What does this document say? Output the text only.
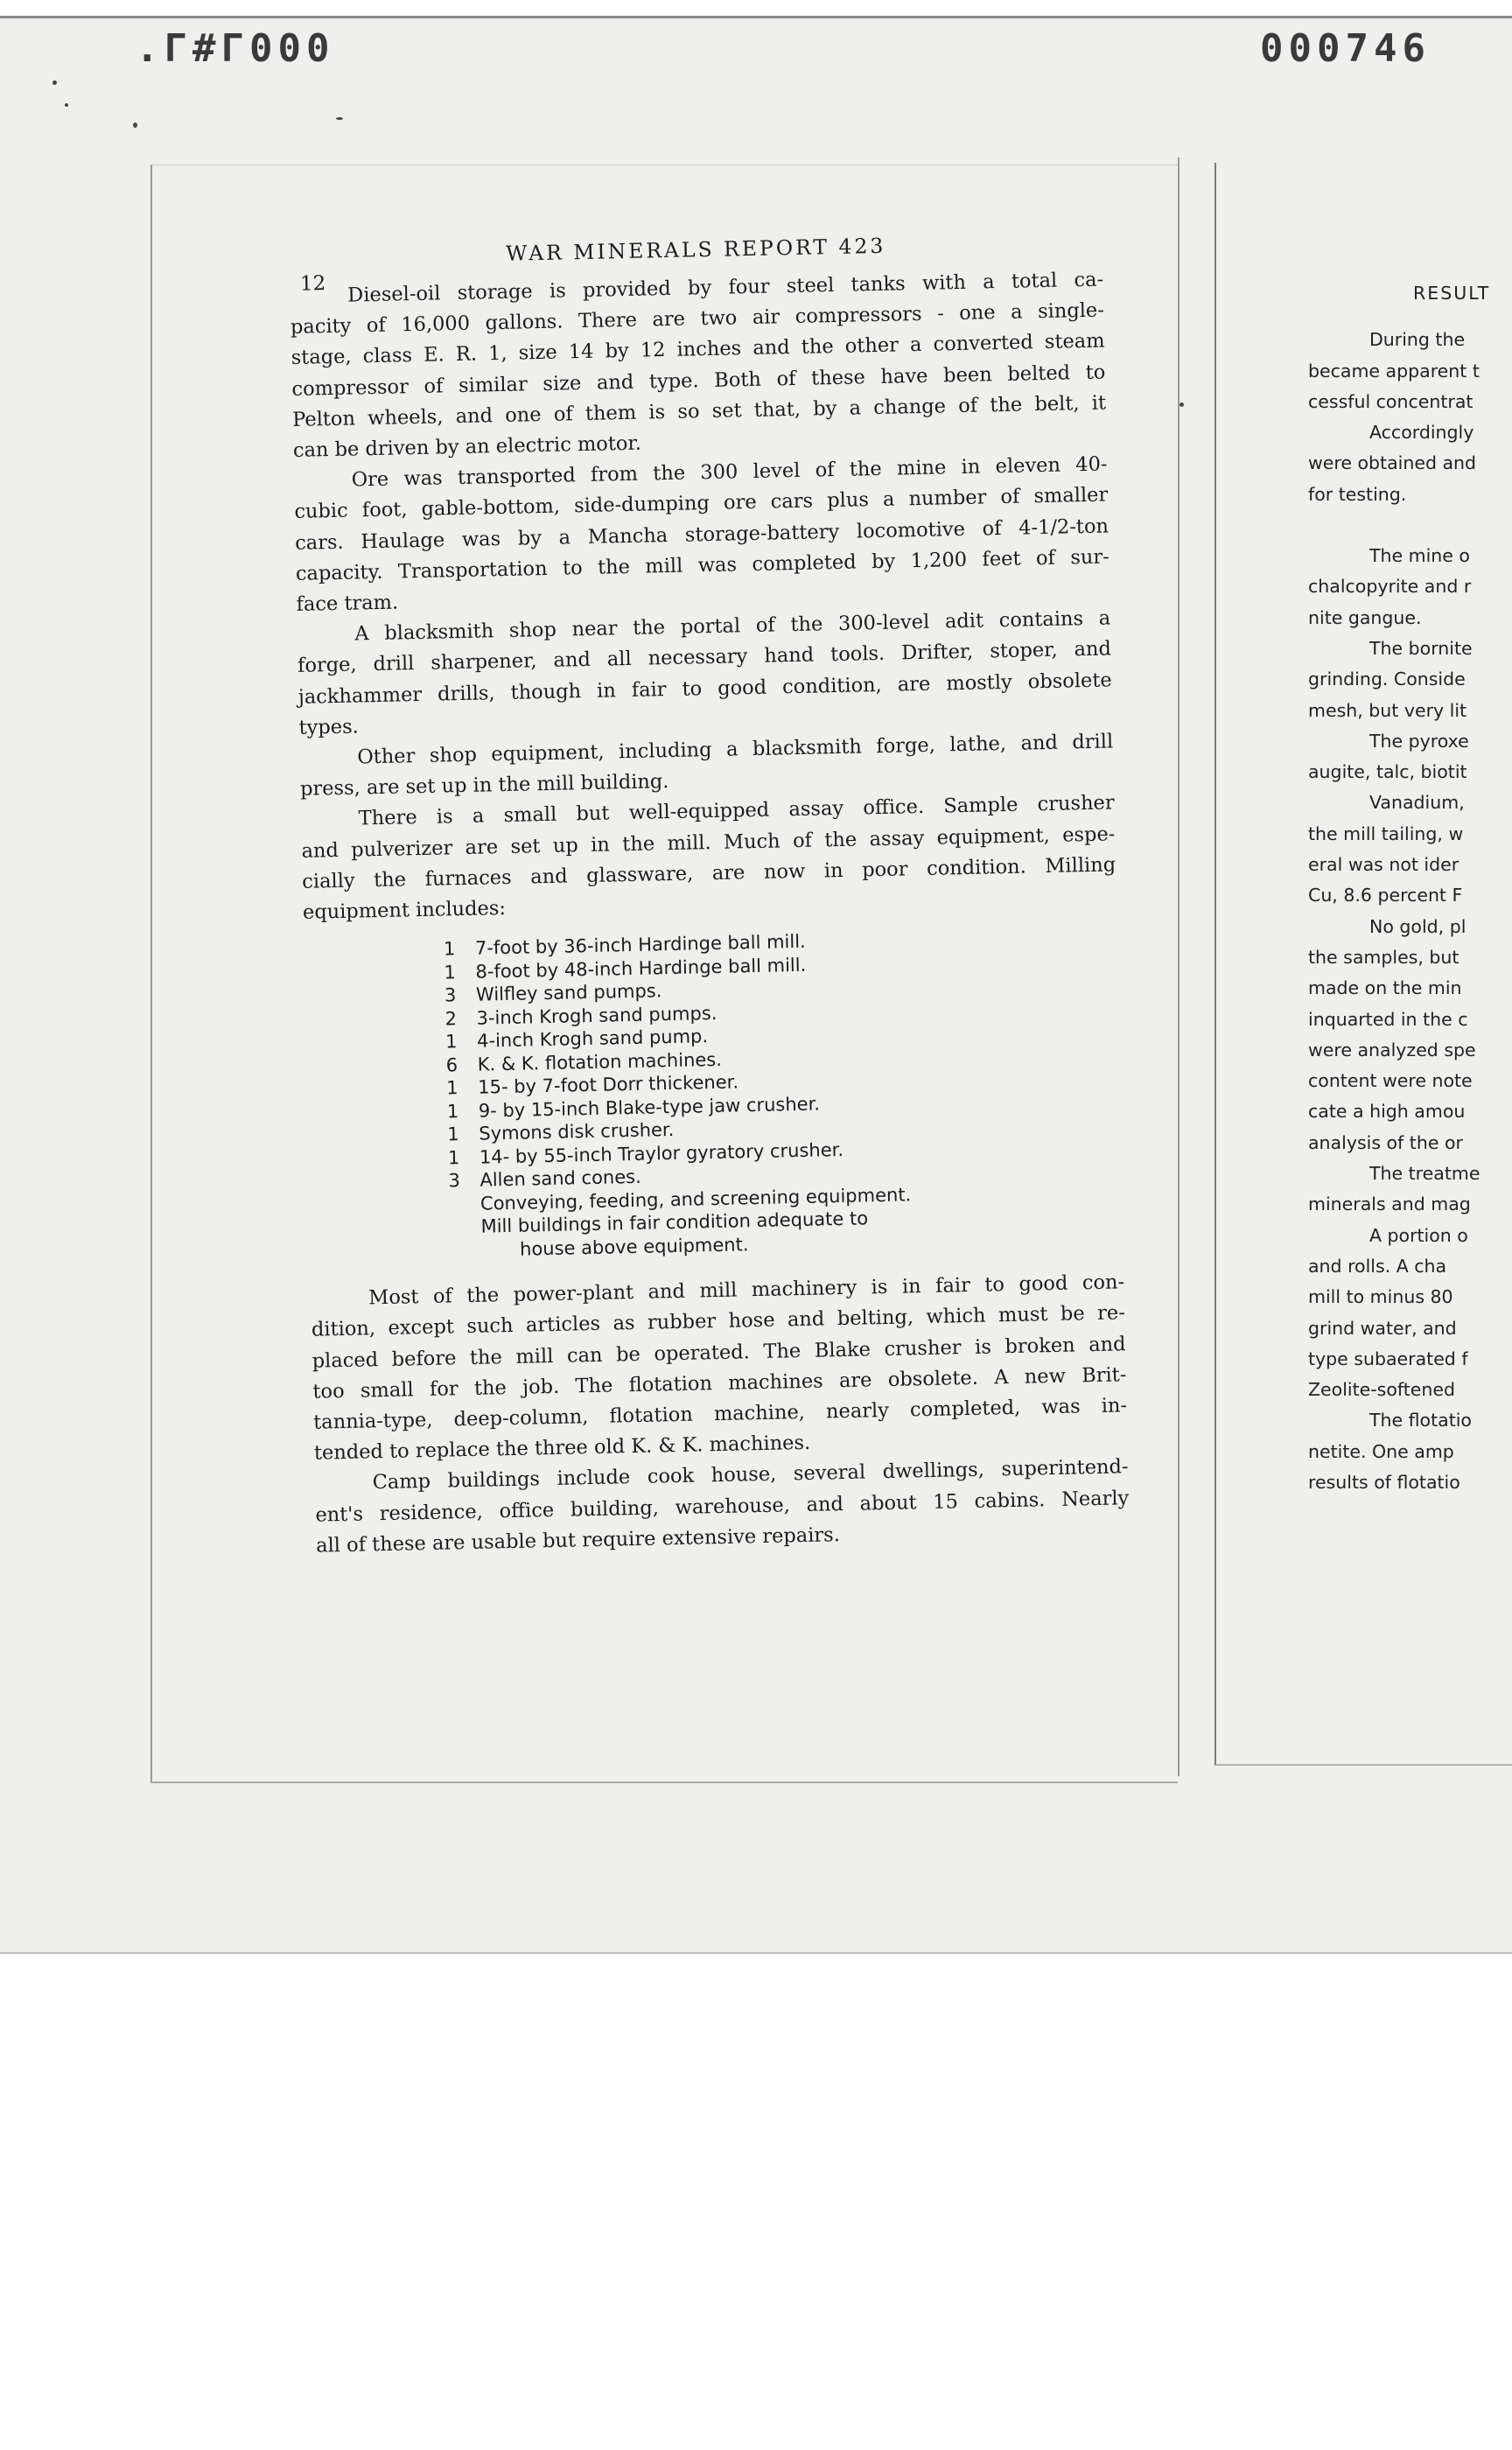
.Γ#Γ000	000746
12
WAR MINERALS REPORT 423
Diesel-oil storage is provided by four steel tanks with a total ca-
pacity of 16,000 gallons. There are two air compressors - one a single-
stage, class E. R. 1, size 14 by 12 inches and the other a converted steam
compressor of similar size and type. Both of these have been belted to
Pelton wheels, and one of them is so set that, by a change of the belt, it
can be driven by an electric motor.
Ore was transported from the 300 level of the mine in eleven 40-
cubic foot, gable-bottom, side-dumping ore cars plus a number of smaller
cars. Haulage was by a Mancha storage-battery locomotive of 4-1/2-ton
capacity. Transportation to the mill was completed by 1,200 feet of sur-
face tram.
A blacksmith shop near the portal of the 300-level adit contains a
forge, drill sharpener, and all necessary hand tools. Drifter, stoper, and
jackhammer drills, though in fair to good condition, are mostly obsolete
types.
Other shop equipment, including a blacksmith forge, lathe, and drill
press, are set up in the mill building.
There is a small but well-equipped assay office. Sample crusher
and pulverizer are set up in the mill. Much of the assay equipment, espe-
cially the furnaces and glassware, are now in poor condition. Milling
equipment includes:
1 7-foot by 36-inch Hardinge ball mill.
1 8-foot by 48-inch Hardinge ball mill.
3 Wilfley sand pumps.
2 3-inch Krogh sand pumps.
1 4-inch Krogh sand pump.
6 K. & K. flotation machines.
1 15- by 7-foot Dorr thickener.
1 9- by 15-inch Blake-type jaw crusher.
1 Symons disk crusher.
1 14- by 55-inch Traylor gyratory crusher.
3 Allen sand cones.
Conveying, feeding, and screening equipment.
Mill buildings in fair condition adequate to
house above equipment.
Most of the power-plant and mill machinery is in fair to good con-
dition, except such articles as rubber hose and belting, which must be re-
placed before the mill can be operated. The Blake crusher is broken and
too small for the job. The flotation machines are obsolete. A new Brit-
tannia-type, deep-column, flotation machine, nearly completed, was in-
tended to replace the three old K. & K. machines.
Camp buildings include cook house, several dwellings, superintend-
ent's residence, office building, warehouse, and about 15 cabins. Nearly
all of these are usable but require extensive repairs.
RESULT
During the
became apparent t
cessful concentrat
Accordingly
were obtained and
for testing.
The mine o
chalcopyrite and r
nite gangue.
The bornite
grinding. Conside
mesh, but very lit
The pyroxe
augite, talc, biotit
Vanadium,
the mill tailing, w
eral was not ider
Cu, 8.6 percent F
No gold, pl
the samples, but
made on the min
inquarted in the c
were analyzed spe
content were note
cate a high amou
analysis of the or
The treatme
minerals and mag
A portion o
and rolls. A cha
mill to minus 80
grind water, and
type subaerated f
Zeolite-softened
The flotatio
netite. One amp
results of flotatio
